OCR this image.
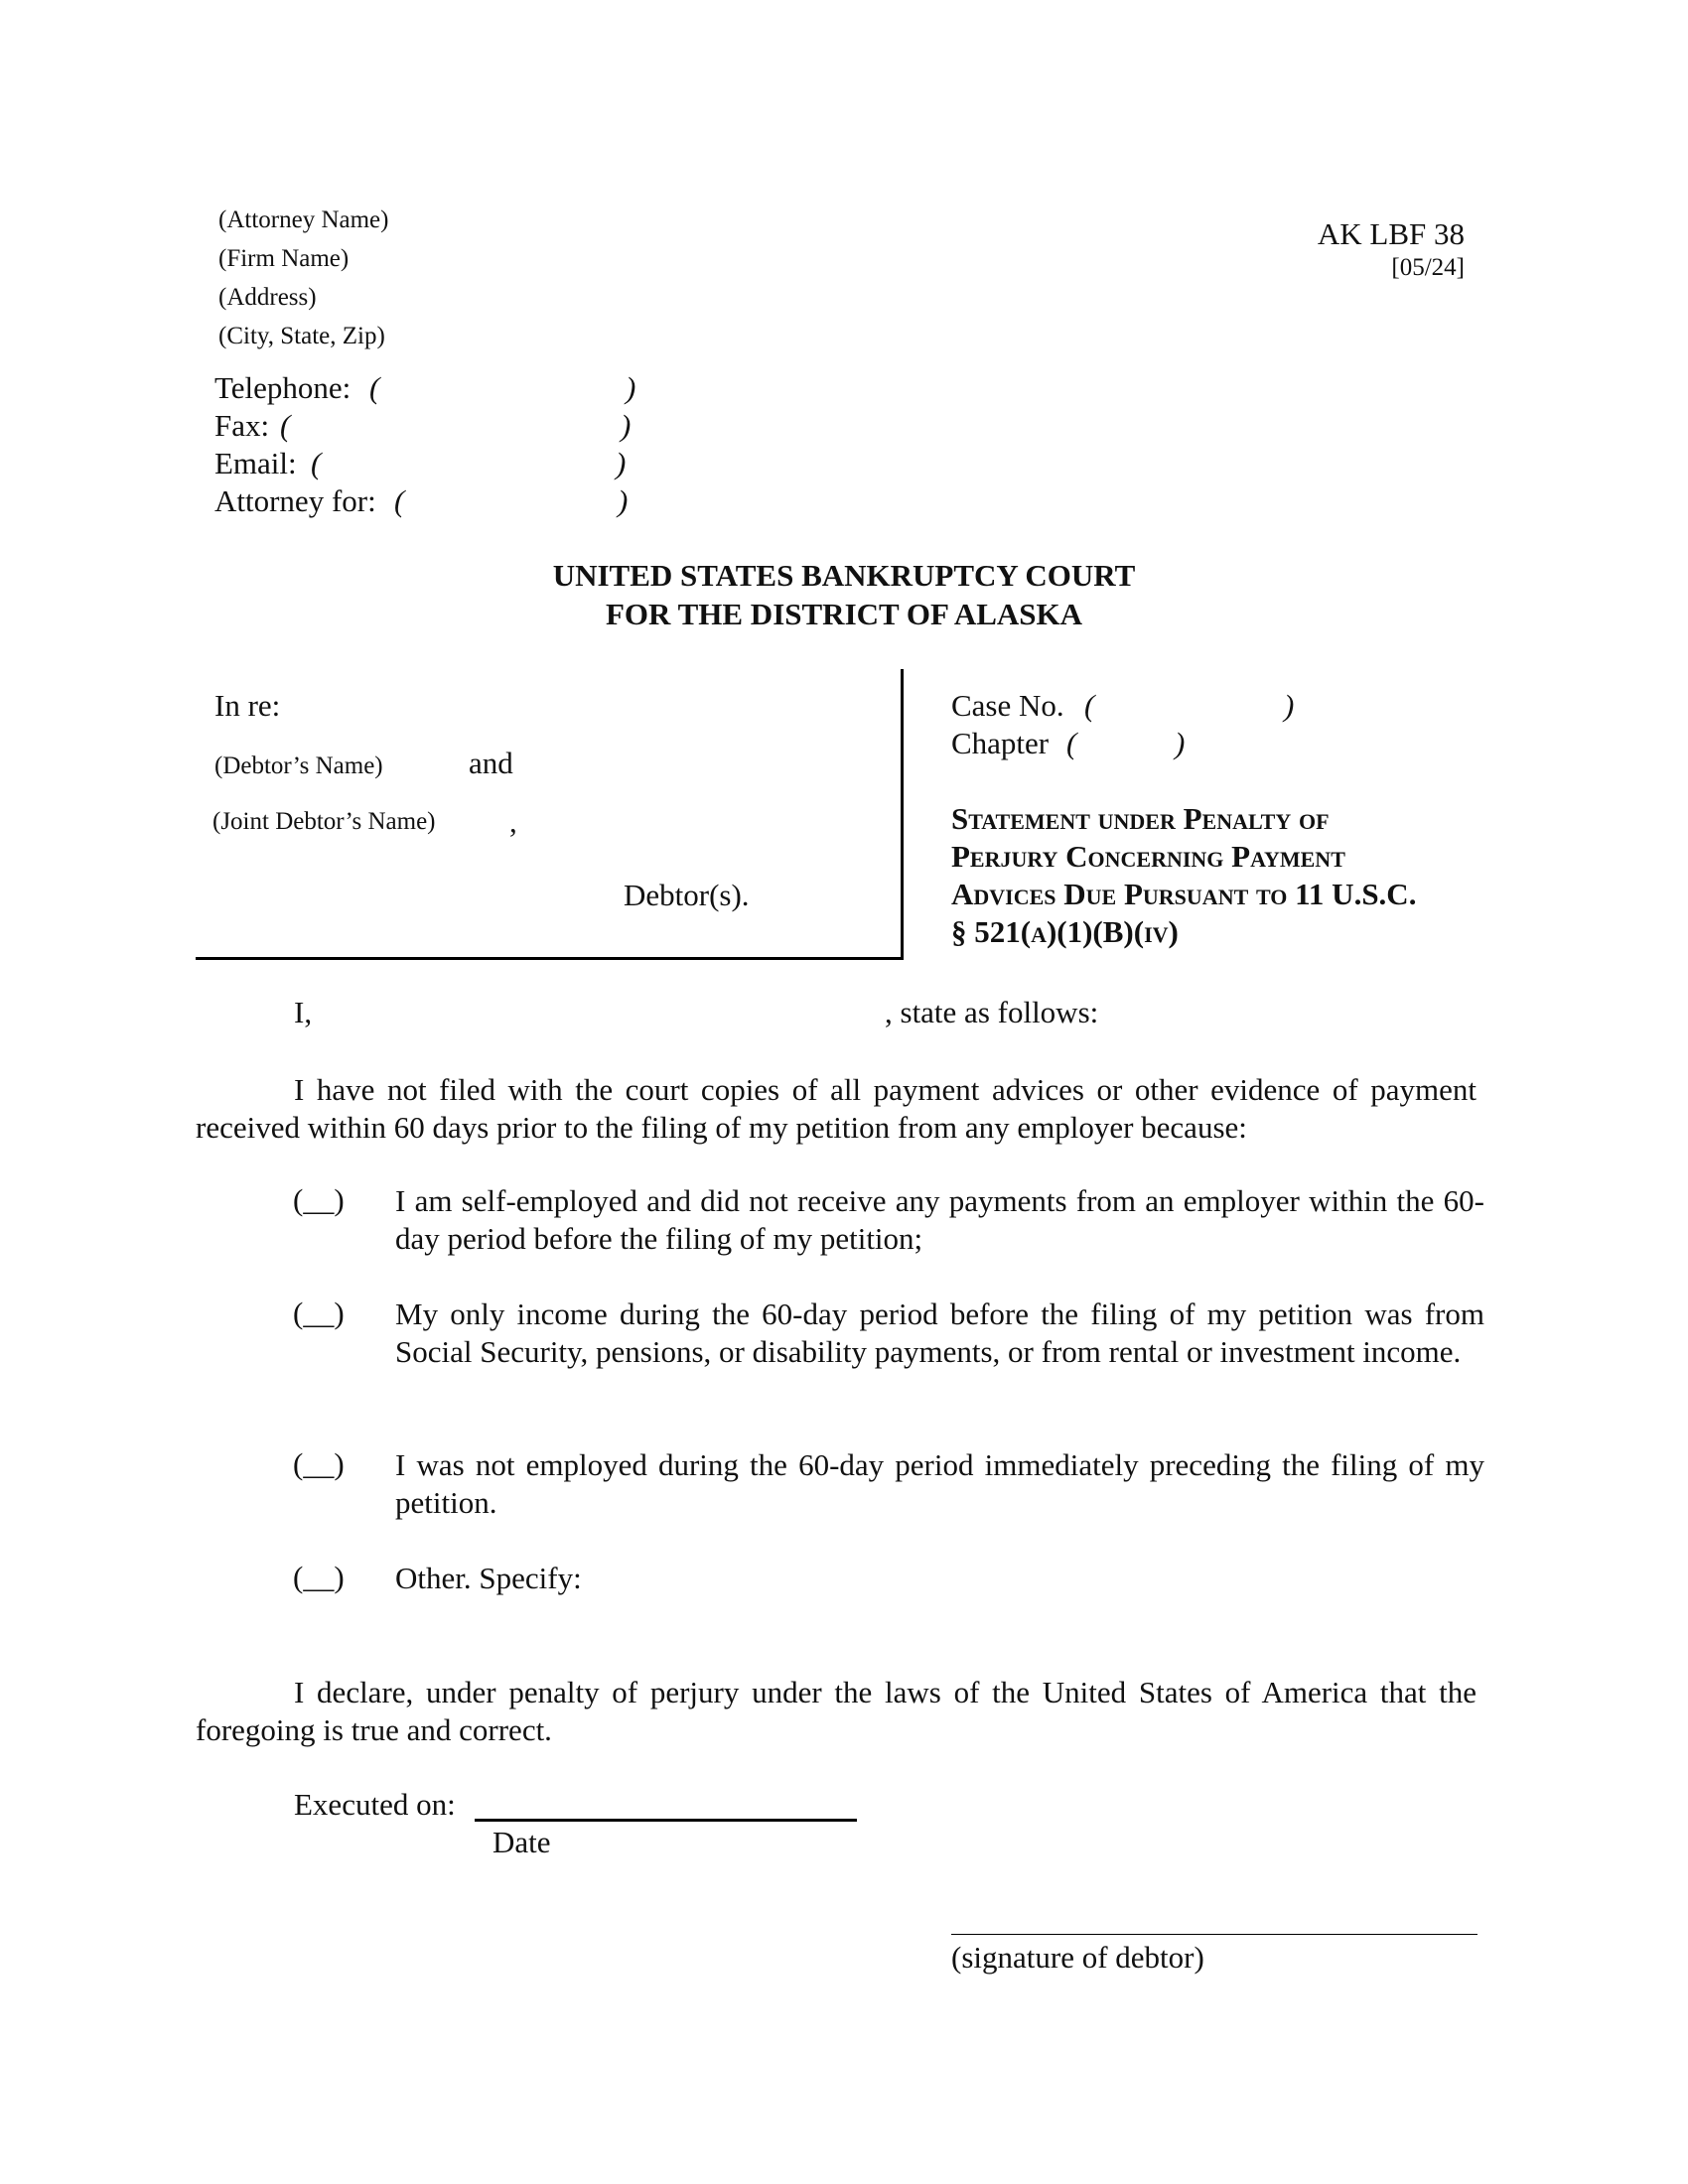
(Attorney Name)
(Firm Name)
(Address)
(City, State, Zip)
AK LBF 38
[05/24]
Telephone: (	)
Fax: (	)
Email: (	)
Attorney for: (	)
UNITED STATES BANKRUPTCY COURT
FOR THE DISTRICT OF ALASKA
In re:
(Debtor’s Name)	and
(Joint Debtor’s Name) ,
Debtor(s).
Case No. (	)
Chapter (	)
Statement under Penalty of
Perjury Concerning Payment
Advices Due Pursuant to 11 U.S.C.
§ 521(a)(1)(B)(iv)
I,	, state as follows:
I have not filed with the court copies of all payment advices or other evidence of payment received within 60 days prior to the filing of my petition from any employer because:
(__) I am self-employed and did not receive any payments from an employer within the 60-day period before the filing of my petition;
(__) My only income during the 60-day period before the filing of my petition was from Social Security, pensions, or disability payments, or from rental or investment income.
(__) I was not employed during the 60-day period immediately preceding the filing of my petition.
(__) Other. Specify:
I declare, under penalty of perjury under the laws of the United States of America that the foregoing is true and correct.
Executed on:
Date
(signature of debtor)
